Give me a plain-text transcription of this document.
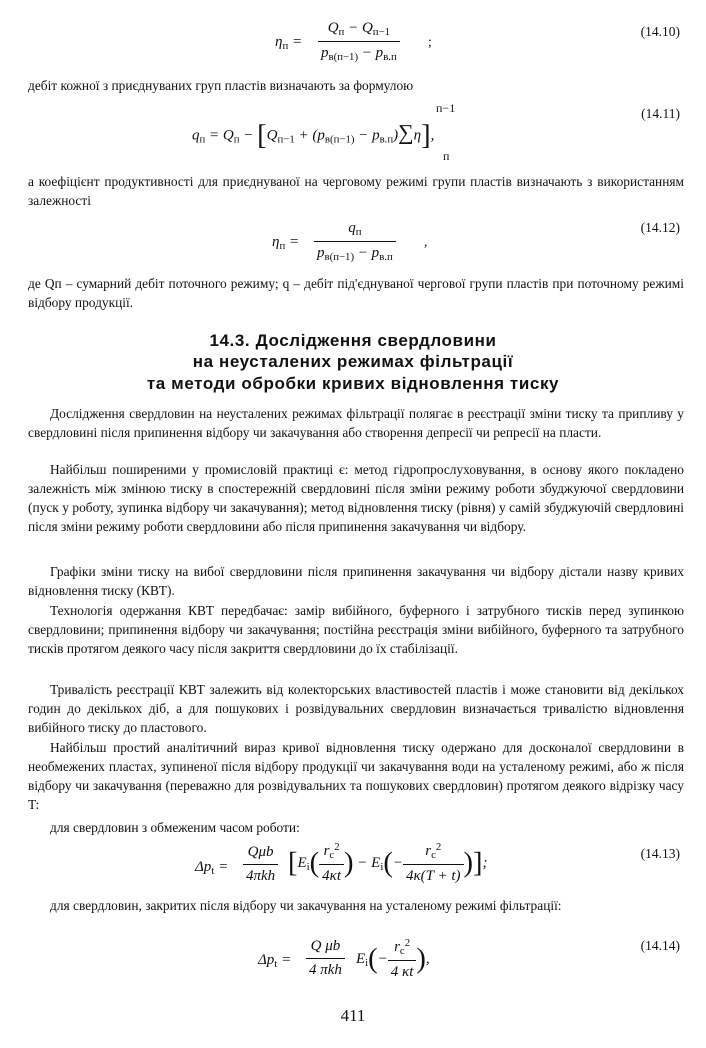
$\eta_п$ =
$Q_п - Q_{п-1}$
$p_{в(п-1)} - p_{в.п}$
;
(14.10)

дебіт кожної з приєднуваних груп пластів визначають за формулою

п−1
$q_п = Q_п - [Q_{п-1} + (p_{в(п-1)} - p_{в.п})\sum\eta]$,
п
(14.11)

а коефіцієнт продуктивності для приєднуваної на черговому режимі групи пластів визначають з використанням залежності

$\eta_п$ =
$q_п$
$p_{в(п-1)} - p_{в.п}$
,
(14.12)

де Qп – сумарний дебіт поточного режиму; q – дебіт під'єднуваної чергової групи пластів при поточному режимі відбору продукції.

14.3. Дослідження свердловини
на неусталених режимах фільтрації
та методи обробки кривих відновлення тиску

Дослідження свердловин на неусталених режимах фільтрації полягає в реєстрації зміни тиску та припливу у свердловині після припинення відбору чи закачування або створення депресії чи репресії на пласти.

Найбільш поширеними у промисловій практиці є: метод гідропрослуховування, в основу якого покладено залежність між змінюю тиску в спостережній свердловині після зміни режиму роботи збуджуючої свердловини (пуск у роботу, зупинка відбору чи закачування); метод відновлення тиску (рівня) у самій збуджуючій свердловині після зміни режиму роботи свердловини або після припинення закачування чи відбору.

Графіки зміни тиску на вибої свердловини після припинення закачування чи відбору дістали назву кривих відновлення тиску (КВТ).

Технологія одержання КВТ передбачає: замір вибійного, буферного і затрубного тисків перед зупинкою свердловини; припинення відбору чи закачування; постійна реєстрація зміни вибійного, буферного та затрубного тисків протягом деякого часу після закриття свердловини до їх стабілізації.

Тривалість реєстрації КВТ залежить від колекторських властивостей пластів і може становити від декількох годин до декількох діб, а для пошукових і розвідувальних свердловин визначається тривалістю відновлення вибійного тиску до пластового.

Найбільш простий аналітичний вираз кривої відновлення тиску одержано для досконалої свердловини в необмежених пластах, зупиненої після відбору продукції чи закачування води на усталеному режимі, або ж після відбору чи закачування (переважно для розвідувальних та пошукових свердловин) протягом деякого відрізку часу T:

для свердловин з обмеженим часом роботи:

$\Delta p_t$ =
Qμb
4πkh [$E_i( \frac{r_c^2}{4\kappa t}$ ) − $E_i(- \frac{r_c^2}{4\kappa(T + t)}$ )];
(14.13)

для свердловин, закритих після відбору чи закачування на усталеному режимі фільтрації:

$\Delta p_t$ =
Q μb
4 πkh
$E_i(- \frac{r_c^2}{4 \kappa t}$ ),
(14.14)
411
